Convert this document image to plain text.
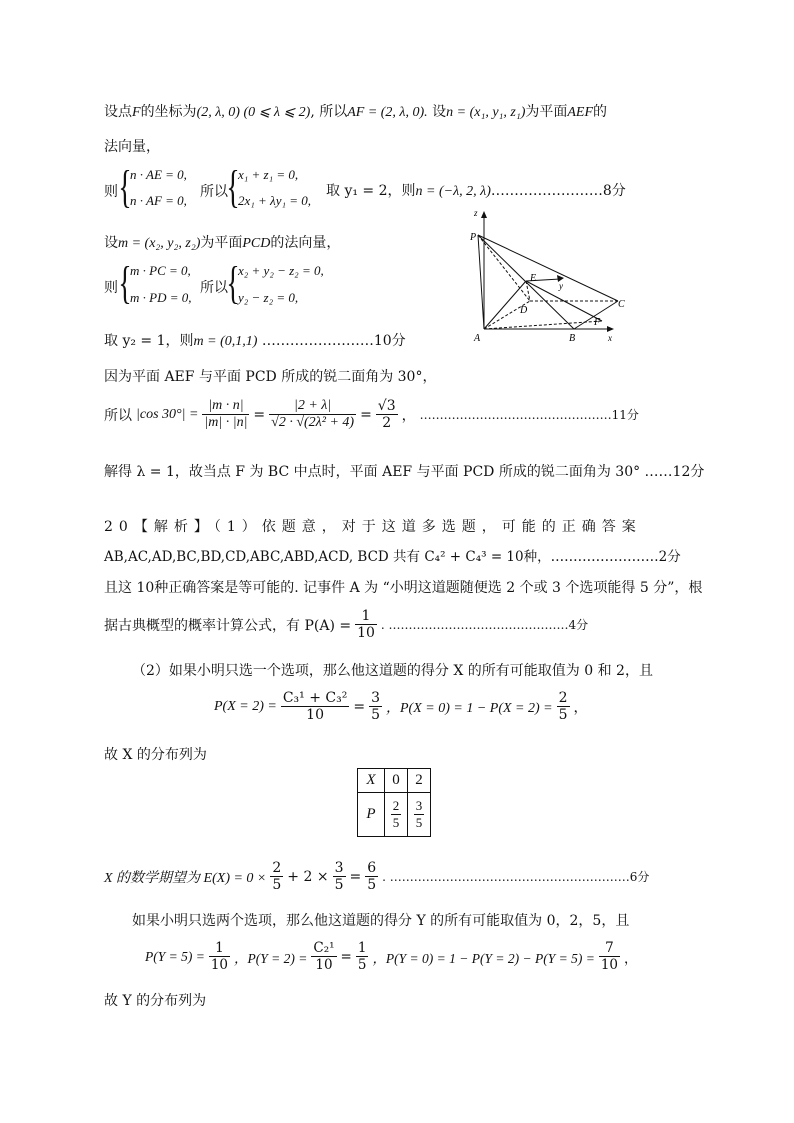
设点F的坐标为(2, λ, 0) (0 ⩽ λ ⩽ 2), 所以AF = (2, λ, 0). 设n = (x₁, y₁, z₁)为平面AEF的
法向量，
则 {
n · AE = 0,
n · AF = 0,
所以
{
x₁ + z₁ = 0,
2x₁ + λy₁ = 0,
取 y₁ = 2，则n = (−λ, 2, λ)……………………8分
设m = (x₂, y₂, z₂)为平面PCD的法向量，
则 {
m · PC = 0,
m · PD = 0,
所以
{
x₂ + y₂ − z₂ = 0,
y₂ − z₂ = 0,
取 y₂ = 1，则m = (0,1,1) ……………………10分
因为平面 AEF 与平面 PCD 所成的锐二面角为 30°，
所以 |cos $30^\circ| = \frac{|m \cdot n|}{|m| \cdot |n|} = \frac{|2 + \lambda|}{\text{√2 · √(2λ² + 4)}} = \frac{√3}{2}$ ， …………………………………………11分
解得 λ = 1，故当点 F 为 BC 中点时，平面 AEF 与平面 PCD 所成的锐二面角为 30° ……12分
20【解析】（1）依题意，对于这道多选题，可能的正确答案
AB,AC,AD,BC,BD,CD,ABC,ABD,ACD, BCD 共有 C₄² + C₄³ = 10种，……………………2分
且这 10种正确答案是等可能的. 记事件 A 为 “小明这道题随便选 2 个或 3 个选项能得 5 分”，根
据古典概型的概率计算公式，有 $P(A) = \frac{1}{10}$ . ………………………………………4分
（2）如果小明只选一个选项，那么他这道题的得分 X 的所有可能取值为 0 和 2，且
$P(X = 2) = \frac{\text{C₃¹ + C₃²}}{10} = \frac{3}{5}$ ，$P(X = 0) = 1 - P(X = 2) = \frac{2}{5}$ ，
故 X 的分布列为
X	0	2
P	$\frac{2}{5}$	$\frac{3}{5}$
X 的数学期望为 $E(X) = 0 \times \frac{2}{5} + 2 \times \frac{3}{5} = \frac{6}{5}$ . ……………………………………………………6分
如果小明只选两个选项，那么他这道题的得分 Y 的所有可能取值为 0，2，5，且
$P(Y = 5) = \frac{1}{10}$ ，$P(Y = 2) = \frac{\text{C₂¹}}{10} = \frac{1}{5}$ ，$P(Y = 0) = 1 - P(Y = 2) - P(Y = 5) = \frac{7}{10}$ ，
故 Y 的分布列为
z
P
E
y
D
C
F
A	B	x
